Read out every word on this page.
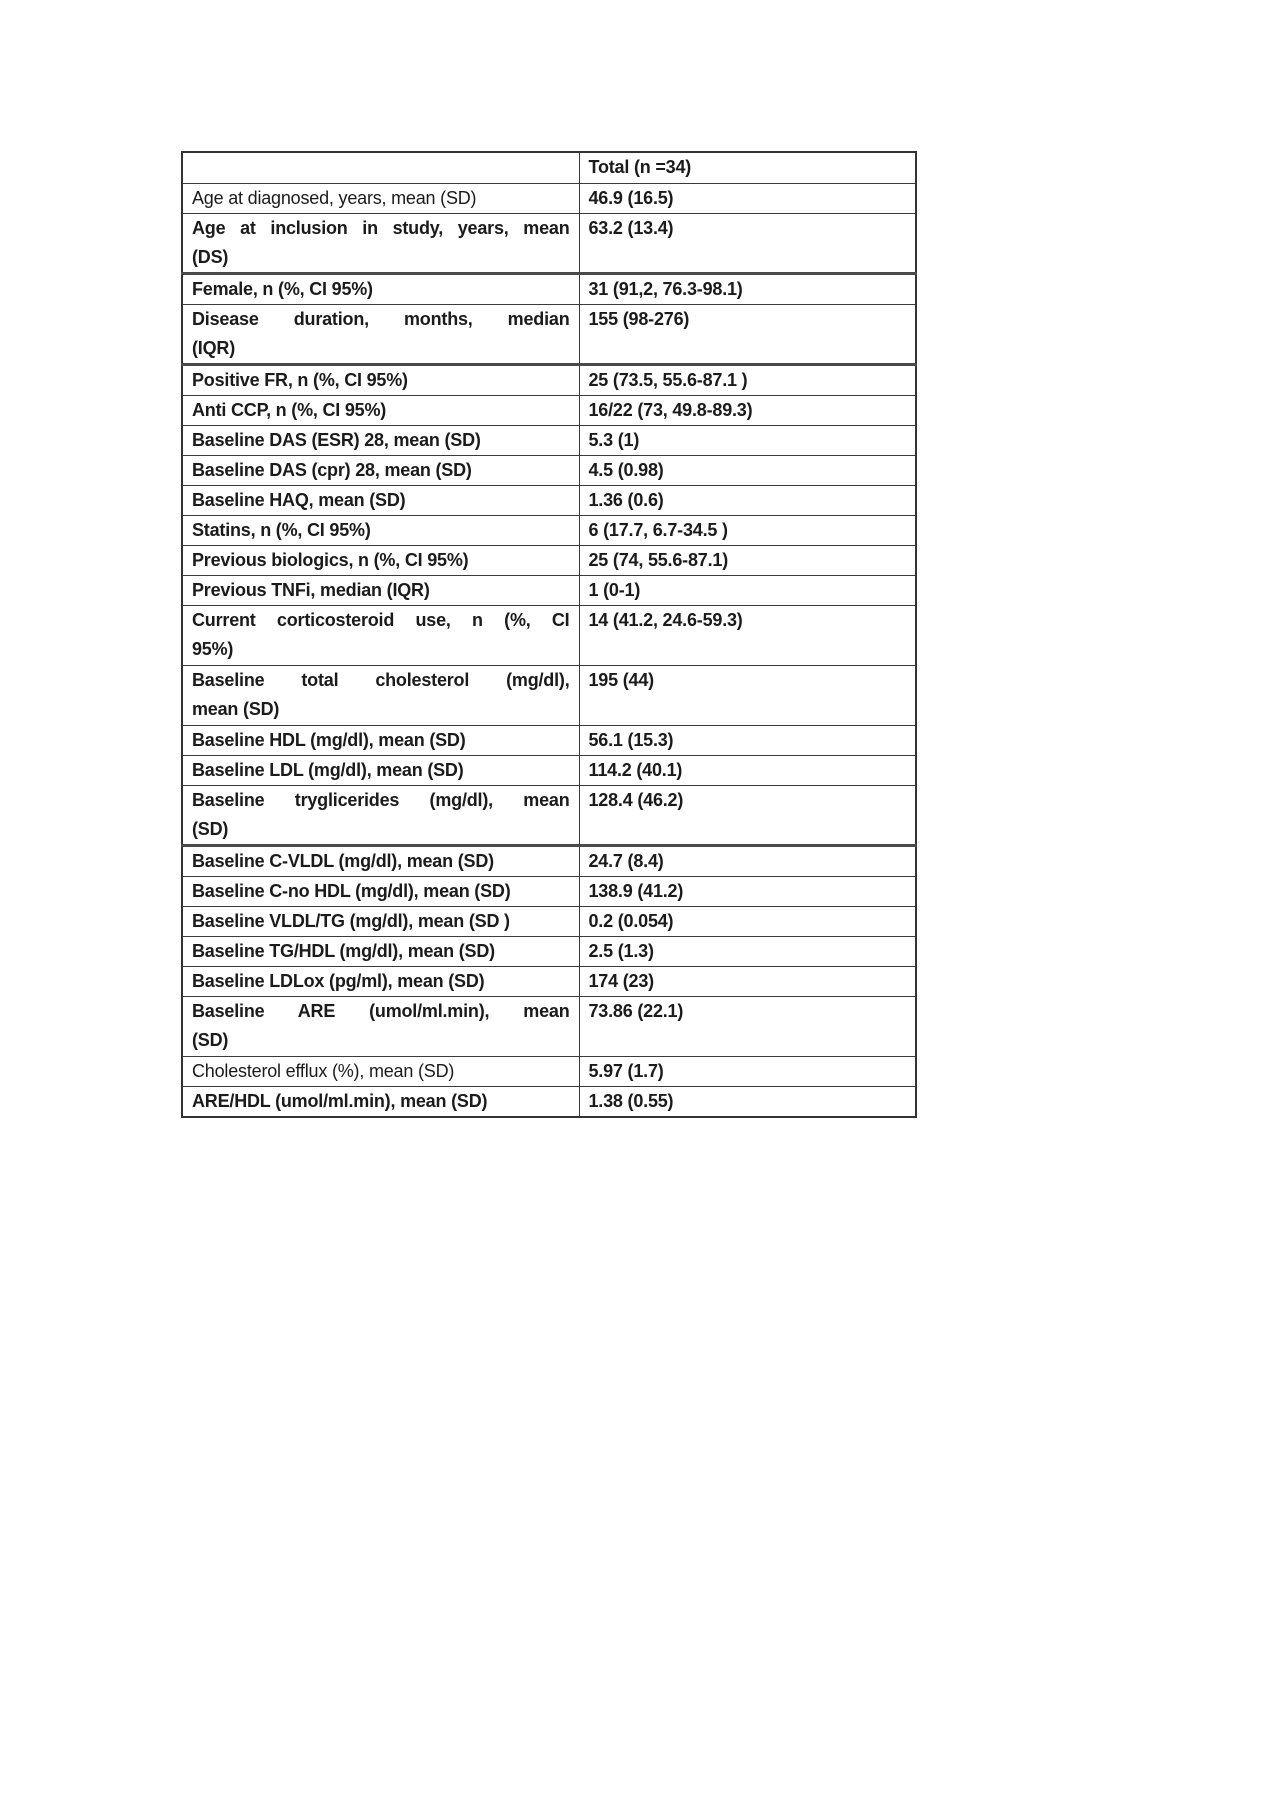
	Total (n =34)

Age at diagnosed, years, mean (SD)	46.9 (16.5)

Age at inclusion in study, years, mean
(DS)	63.2 (13.4)

Female, n (%, CI 95%)	31 (91,2, 76.3-98.1)

Disease duration, months, median
(IQR)	155 (98-276)

Positive FR, n (%, CI 95%)	25 (73.5, 55.6-87.1 )

Anti CCP, n (%, CI 95%)	16/22 (73, 49.8-89.3)

Baseline DAS (ESR) 28, mean (SD)	5.3 (1)

Baseline DAS (cpr) 28, mean (SD)	4.5 (0.98)

Baseline HAQ, mean (SD)	1.36 (0.6)

Statins, n (%, CI 95%)	6 (17.7, 6.7-34.5 )

Previous biologics, n (%, CI 95%)	25 (74, 55.6-87.1)

Previous TNFi, median (IQR)	1 (0-1)

Current corticosteroid use, n (%, CI
95%)	14 (41.2, 24.6-59.3)

Baseline total cholesterol (mg/dl),
mean (SD)	195 (44)

Baseline HDL (mg/dl), mean (SD)	56.1 (15.3)

Baseline LDL (mg/dl), mean (SD)	114.2 (40.1)

Baseline tryglicerides (mg/dl), mean
(SD)	128.4 (46.2)

Baseline C-VLDL (mg/dl), mean (SD)	24.7 (8.4)

Baseline C-no HDL (mg/dl), mean (SD)	138.9 (41.2)

Baseline VLDL/TG (mg/dl), mean (SD )	0.2 (0.054)

Baseline TG/HDL (mg/dl), mean (SD)	2.5 (1.3)

Baseline LDLox (pg/ml), mean (SD)	174 (23)

Baseline ARE (umol/ml.min), mean
(SD)	73.86 (22.1)

Cholesterol efflux (%), mean (SD)	5.97 (1.7)

ARE/HDL (umol/ml.min), mean (SD)	1.38 (0.55)
